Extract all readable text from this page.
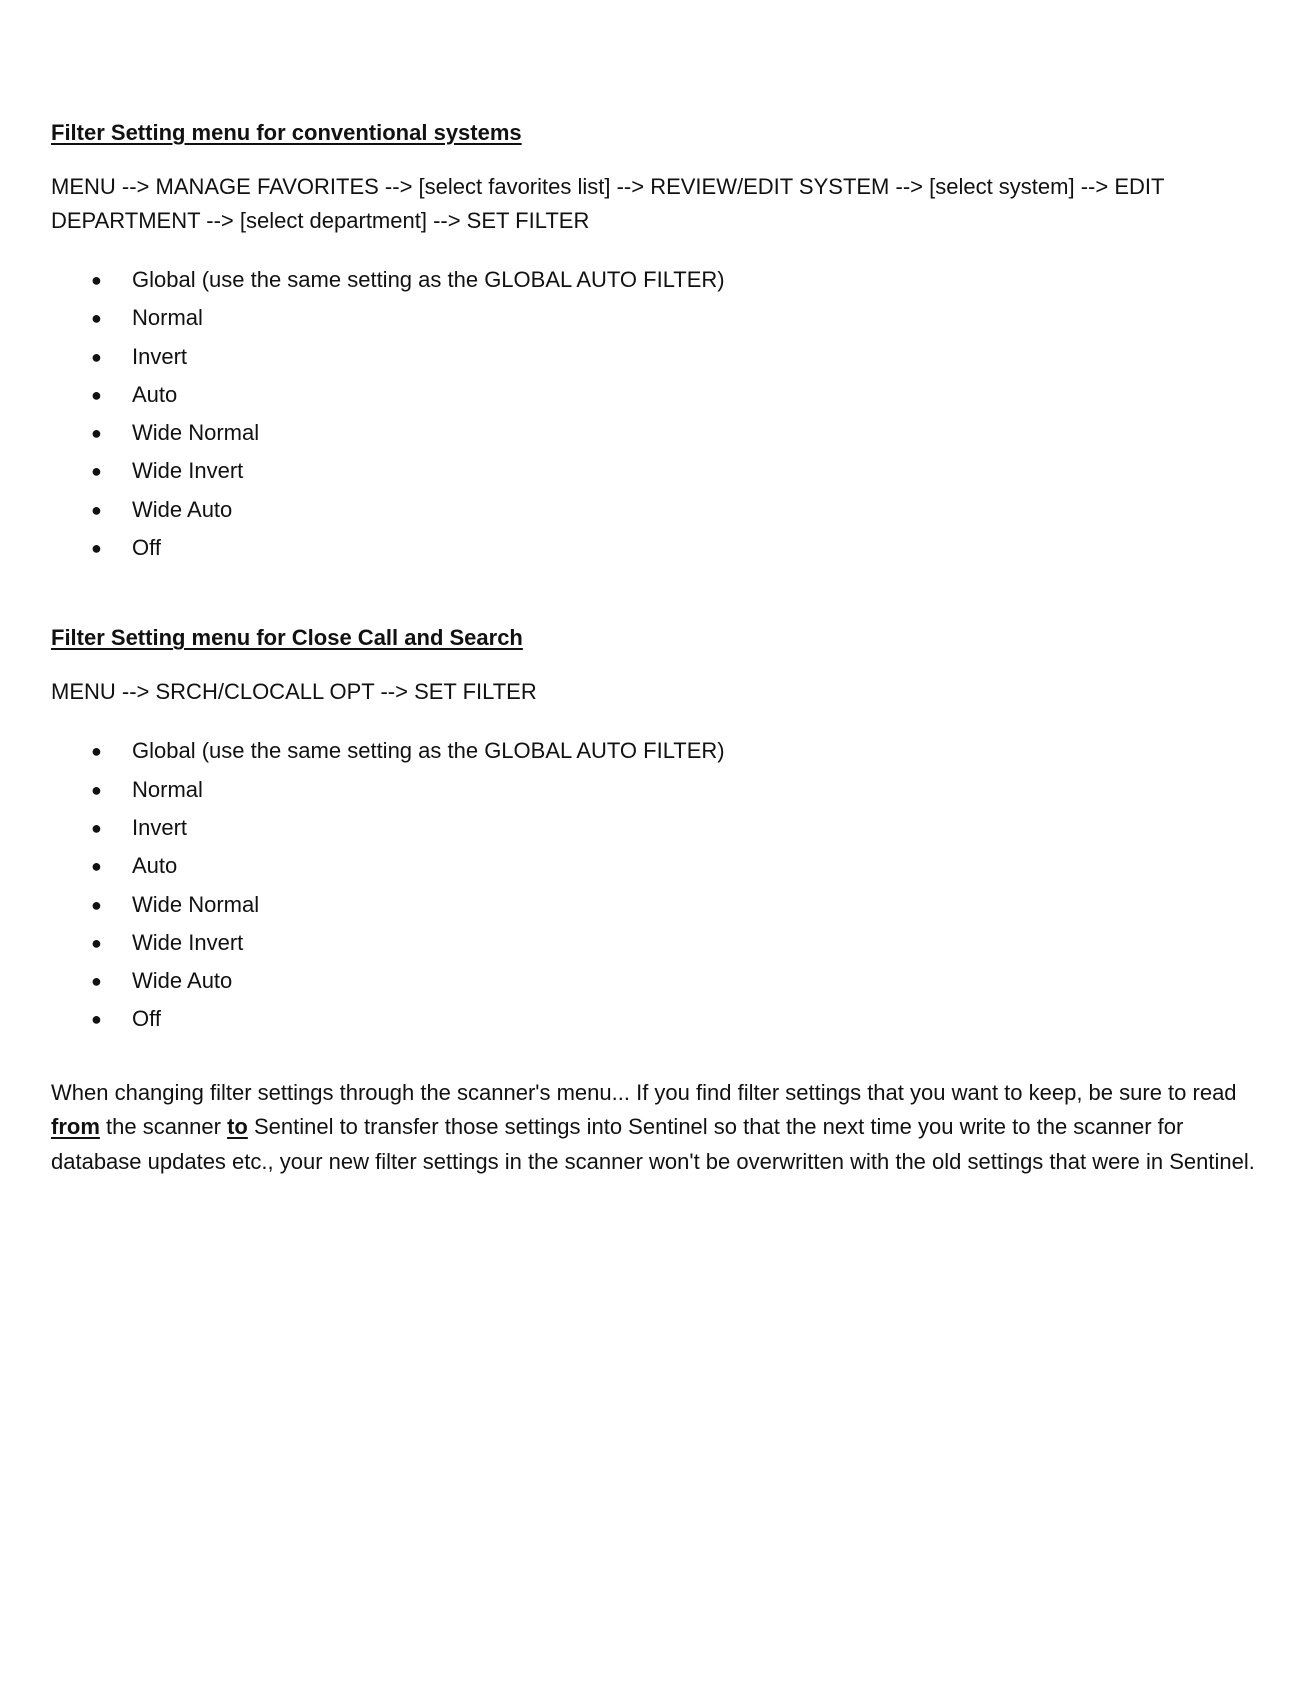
Filter Setting menu for conventional systems

MENU --> MANAGE FAVORITES --> [select favorites list] --> REVIEW/EDIT SYSTEM --> [select system] --> EDIT DEPARTMENT --> [select department] --> SET FILTER

● Global (use the same setting as the GLOBAL AUTO FILTER)
● Normal
● Invert
● Auto
● Wide Normal
● Wide Invert
● Wide Auto
● Off
Filter Setting menu for Close Call and Search

MENU --> SRCH/CLOCALL OPT --> SET FILTER

● Global (use the same setting as the GLOBAL AUTO FILTER)
● Normal
● Invert
● Auto
● Wide Normal
● Wide Invert
● Wide Auto
● Off

When changing filter settings through the scanner's menu... If you find filter settings that you want to keep, be sure to read from the scanner to Sentinel to transfer those settings into Sentinel so that the next time you write to the scanner for database updates etc., your new filter settings in the scanner won't be overwritten with the old settings that were in Sentinel.
